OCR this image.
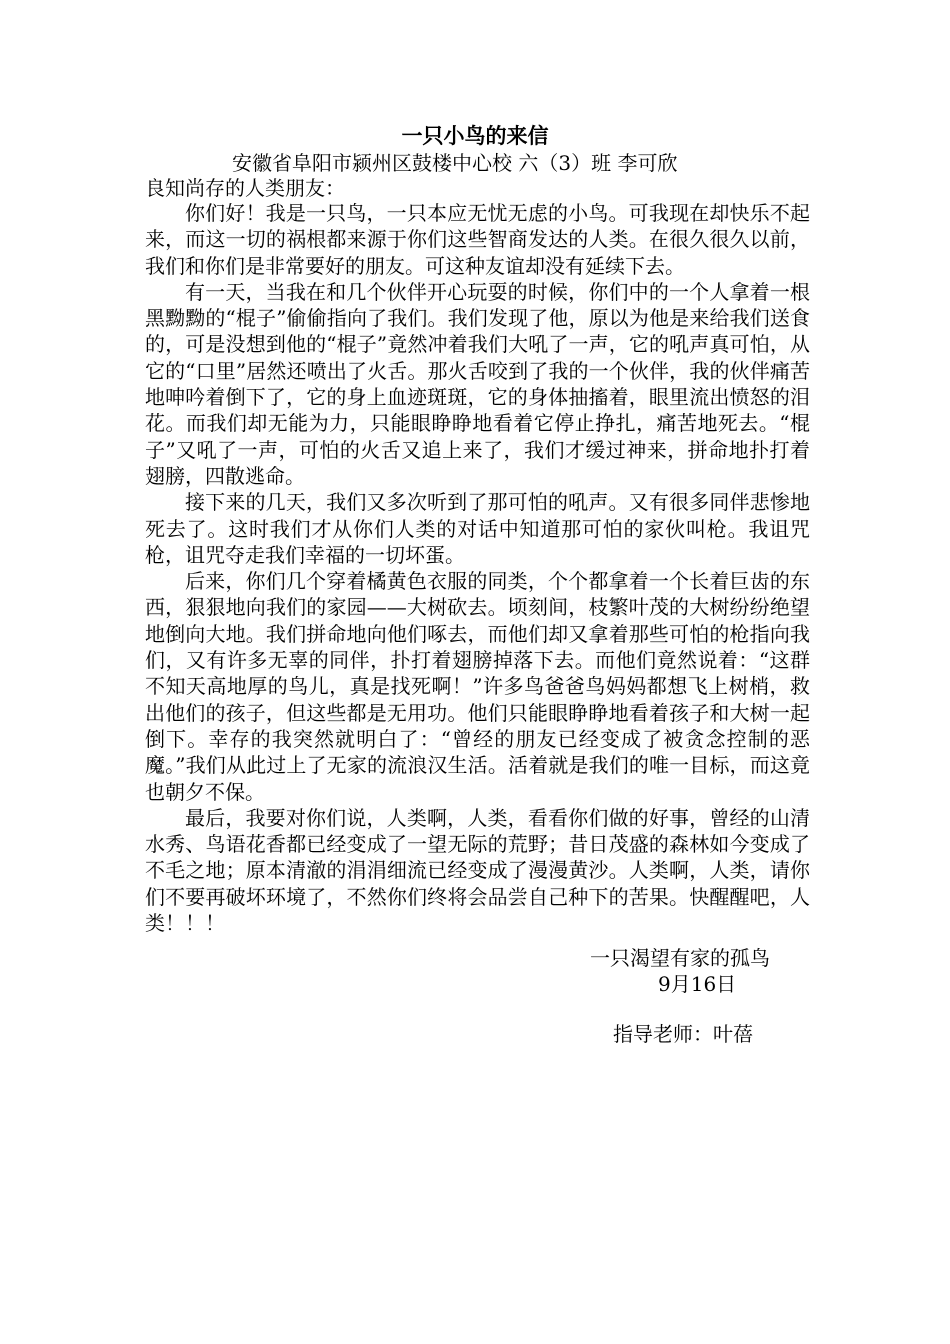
一只小鸟的来信
安徽省阜阳市颍州区鼓楼中心校 六（3）班 李可欣
良知尚存的人类朋友：

你们好！我是一只鸟，一只本应无忧无虑的小鸟。可我现在却快乐不起来，而这一切的祸根都来源于你们这些智商发达的人类。在很久很久以前，我们和你们是非常要好的朋友。可这种友谊却没有延续下去。

有一天，当我在和几个伙伴开心玩耍的时候，你们中的一个人拿着一根黑黝黝的“棍子”偷偷指向了我们。我们发现了他，原以为他是来给我们送食的，可是没想到他的“棍子”竟然冲着我们大吼了一声，它的吼声真可怕，从它的“口里”居然还喷出了火舌。那火舌咬到了我的一个伙伴，我的伙伴痛苦地呻吟着倒下了，它的身上血迹斑斑，它的身体抽搐着，眼里流出愤怒的泪花。而我们却无能为力，只能眼睁睁地看着它停止挣扎，痛苦地死去。“棍子”又吼了一声，可怕的火舌又追上来了，我们才缓过神来，拼命地扑打着翅膀，四散逃命。

接下来的几天，我们又多次听到了那可怕的吼声。又有很多同伴悲惨地死去了。这时我们才从你们人类的对话中知道那可怕的家伙叫枪。我诅咒枪，诅咒夺走我们幸福的一切坏蛋。

后来，你们几个穿着橘黄色衣服的同类，个个都拿着一个长着巨齿的东西，狠狠地向我们的家园——大树砍去。顷刻间，枝繁叶茂的大树纷纷绝望地倒向大地。我们拼命地向他们啄去，而他们却又拿着那些可怕的枪指向我们，又有许多无辜的同伴，扑打着翅膀掉落下去。而他们竟然说着：“这群不知天高地厚的鸟儿，真是找死啊！”许多鸟爸爸鸟妈妈都想飞上树梢，救出他们的孩子，但这些都是无用功。他们只能眼睁睁地看着孩子和大树一起倒下。幸存的我突然就明白了：“曾经的朋友已经变成了被贪念控制的恶魔。”我们从此过上了无家的流浪汉生活。活着就是我们的唯一目标，而这竟也朝夕不保。

最后，我要对你们说，人类啊，人类，看看你们做的好事，曾经的山清水秀、鸟语花香都已经变成了一望无际的荒野；昔日茂盛的森林如今变成了不毛之地；原本清澈的涓涓细流已经变成了漫漫黄沙。人类啊，人类，请你们不要再破坏环境了，不然你们终将会品尝自己种下的苦果。快醒醒吧，人类！！！

一只渴望有家的孤鸟
9月16日
指导老师：叶蓓
